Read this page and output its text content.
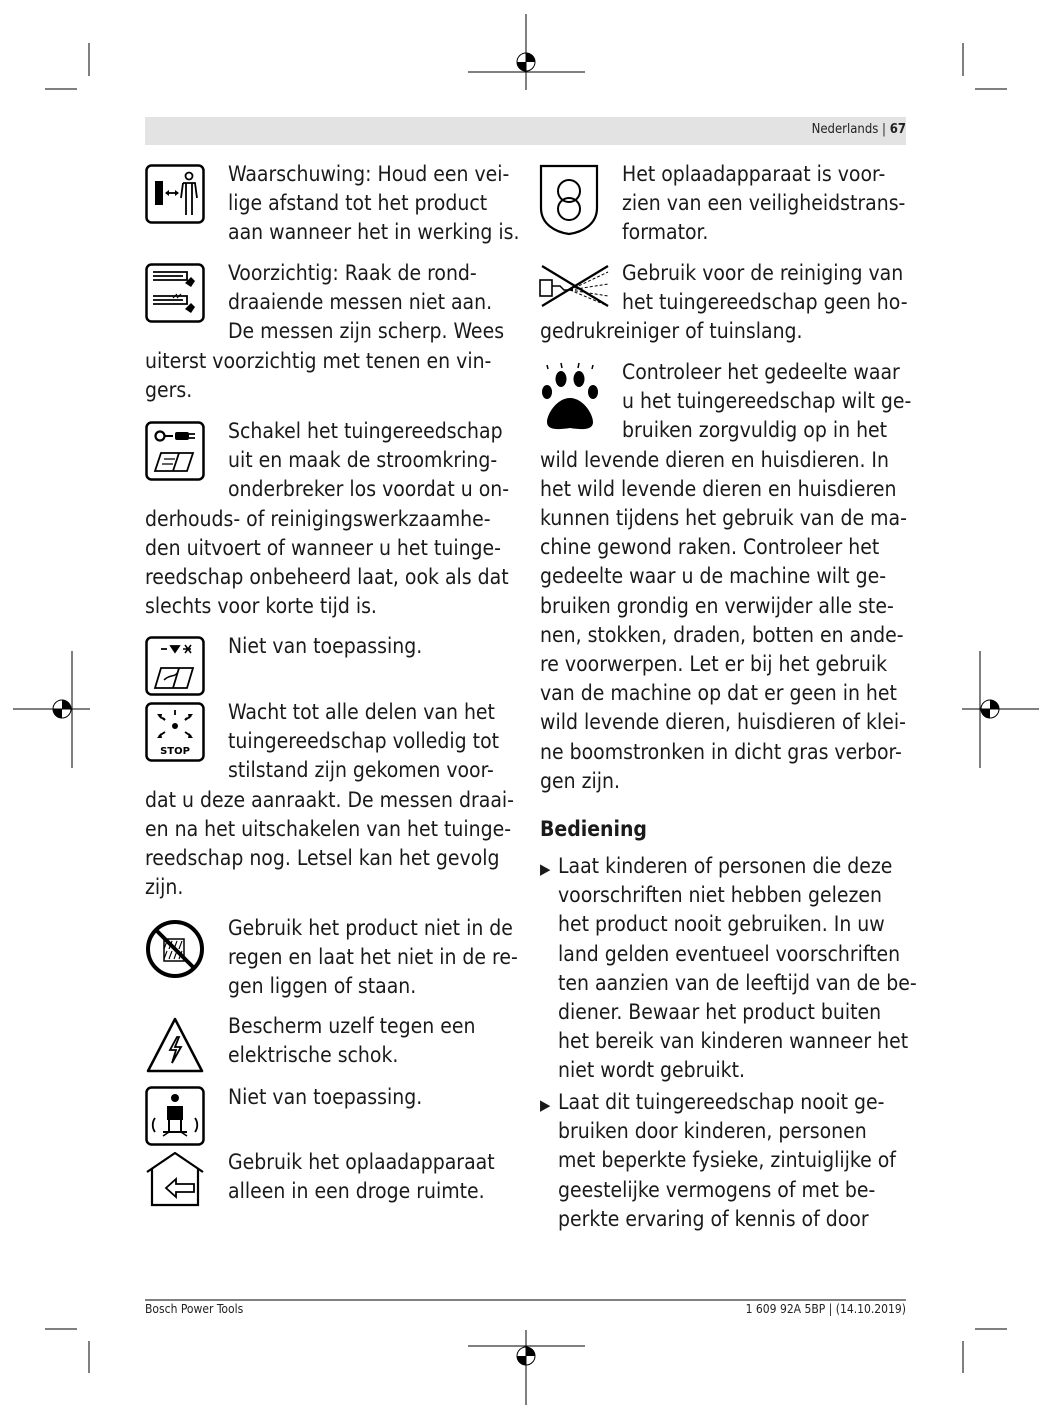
Nederlands | 67
STOP
Waarschuwing: Houd een vei-
lige afstand tot het product
aan wanneer het in werking is.
Voorzichtig: Raak de rond-
draaiende messen niet aan.
De messen zijn scherp. Wees
uiterst voorzichtig met tenen en vin-
gers.
Schakel het tuingereedschap
uit en maak de stroomkring-
onderbreker los voordat u on-
derhouds- of reinigingswerkzaamhe-
den uitvoert of wanneer u het tuinge-
reedschap onbeheerd laat, ook als dat
slechts voor korte tijd is.
Niet van toepassing.
Wacht tot alle delen van het
tuingereedschap volledig tot
stilstand zijn gekomen voor-
dat u deze aanraakt. De messen draai-
en na het uitschakelen van het tuinge-
reedschap nog. Letsel kan het gevolg
zijn.
Gebruik het product niet in de
regen en laat het niet in de re-
gen liggen of staan.
Bescherm uzelf tegen een
elektrische schok.
Niet van toepassing.
Gebruik het oplaadapparaat
alleen in een droge ruimte.
Het oplaadapparaat is voor-
zien van een veiligheidstrans-
formator.
Gebruik voor de reiniging van
het tuingereedschap geen ho-
gedrukreiniger of tuinslang.
Controleer het gedeelte waar
u het tuingereedschap wilt ge-
bruiken zorgvuldig op in het
wild levende dieren en huisdieren. In
het wild levende dieren en huisdieren
kunnen tijdens het gebruik van de ma-
chine gewond raken. Controleer het
gedeelte waar u de machine wilt ge-
bruiken grondig en verwijder alle ste-
nen, stokken, draden, botten en ande-
re voorwerpen. Let er bij het gebruik
van de machine op dat er geen in het
wild levende dieren, huisdieren of klei-
ne boomstronken in dicht gras verbor-
gen zijn.
Bediening
▶ Laat kinderen of personen die deze
voorschriften niet hebben gelezen
het product nooit gebruiken. In uw
land gelden eventueel voorschriften
ten aanzien van de leeftijd van de be-
diener. Bewaar het product buiten
het bereik van kinderen wanneer het
niet wordt gebruikt.
▶ Laat dit tuingereedschap nooit ge-
bruiken door kinderen, personen
met beperkte fysieke, zintuiglijke of
geestelijke vermogens of met be-
perkte ervaring of kennis of door
Bosch Power Tools	1 609 92A 5BP | (14.10.2019)
